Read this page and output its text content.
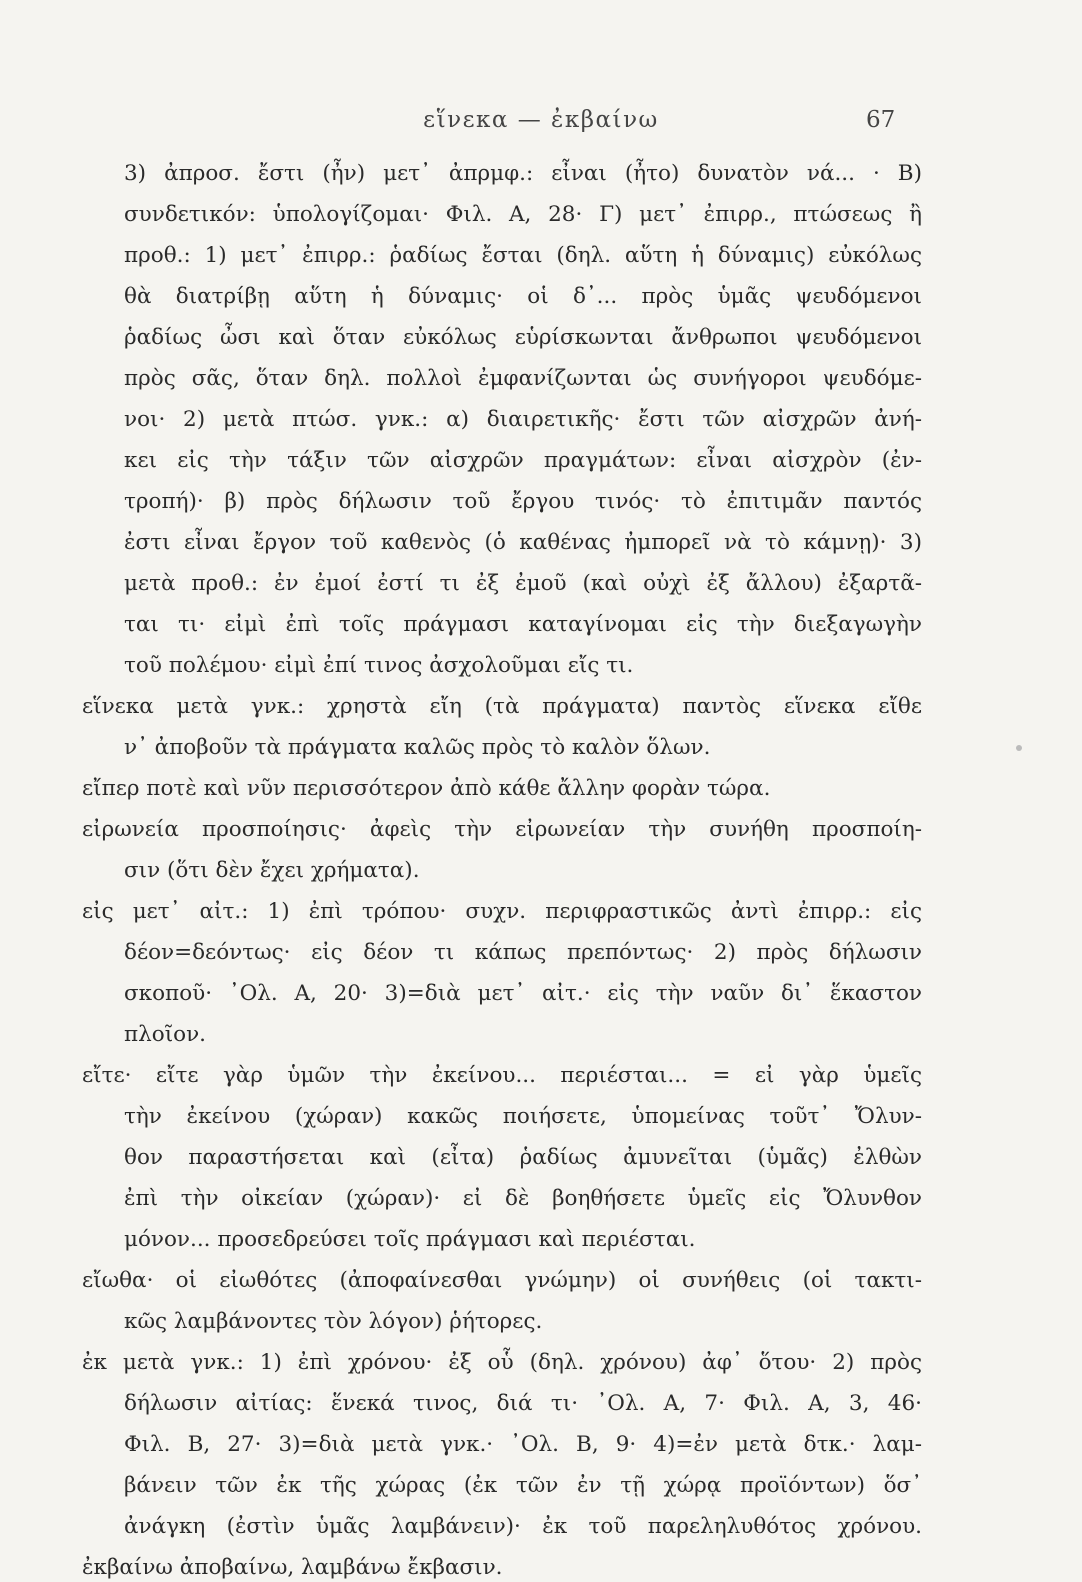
εἵνεκα — ἐκβαίνω	67
3) ἀπροσ. ἔστι (ἦν) μετ᾽ ἀπρμφ.: εἶναι (ἦτο) δυνατὸν νά... · Β)
συνδετικόν: ὑπολογίζομαι· Φιλ. Α, 28· Γ) μετ᾽ ἐπιρρ., πτώσεως ἢ
προθ.: 1) μετ᾽ ἐπιρρ.: ῥαδίως ἔσται (δηλ. αὕτη ἡ δύναμις) εὐκόλως
θὰ διατρίβῃ αὕτη ἡ δύναμις· οἱ δ᾽... πρὸς ὑμᾶς ψευδόμενοι
ῥαδίως ὦσι καὶ ὅταν εὐκόλως εὑρίσκωνται ἄνθρωποι ψευδόμενοι
πρὸς σᾶς, ὅταν δηλ. πολλοὶ ἐμφανίζωνται ὡς συνήγοροι ψευδόμε-
νοι· 2) μετὰ πτώσ. γνκ.: α) διαιρετικῆς· ἔστι τῶν αἰσχρῶν ἀνή-
κει εἰς τὴν τάξιν τῶν αἰσχρῶν πραγμάτων: εἶναι αἰσχρὸν (ἐν-
τροπή)· β) πρὸς δήλωσιν τοῦ ἔργου τινός· τὸ ἐπιτιμᾶν παντός
ἐστι εἶναι ἔργον τοῦ καθενὸς (ὁ καθένας ἠμπορεῖ νὰ τὸ κάμνῃ)· 3)
μετὰ προθ.: ἐν ἐμοί ἐστί τι ἐξ ἐμοῦ (καὶ οὐχὶ ἐξ ἄλλου) ἐξαρτᾶ-
ται τι· εἰμὶ ἐπὶ τοῖς πράγμασι καταγίνομαι εἰς τὴν διεξαγωγὴν
τοῦ πολέμου· εἰμὶ ἐπί τινος ἀσχολοῦμαι εἴς τι.
εἵνεκα μετὰ γνκ.: χρηστὰ εἴη (τὰ πράγματα) παντὸς εἵνεκα εἴθε
ν᾽ ἀποβοῦν τὰ πράγματα καλῶς πρὸς τὸ καλὸν ὅλων.
εἴπερ ποτὲ καὶ νῦν περισσότερον ἀπὸ κάθε ἄλλην φορὰν τώρα.
εἰρωνεία προσποίησις· ἀφεὶς τὴν εἰρωνείαν τὴν συνήθη προσποίη-
σιν (ὅτι δὲν ἔχει χρήματα).
εἰς μετ᾽ αἰτ.: 1) ἐπὶ τρόπου· συχν. περιφραστικῶς ἀντὶ ἐπιρρ.: εἰς
δέον=δεόντως· εἰς δέον τι κάπως πρεπόντως· 2) πρὸς δήλωσιν
σκοποῦ· ᾿Ολ. Α, 20· 3)=διὰ μετ᾽ αἰτ.· εἰς τὴν ναῦν δι᾽ ἕκαστον
πλοῖον.
εἴτε· εἴτε γὰρ ὑμῶν τὴν ἐκείνου... περιέσται... = εἰ γὰρ ὑμεῖς
τὴν ἐκείνου (χώραν) κακῶς ποιήσετε, ὑπομείνας τοῦτ᾽ Ὄλυν-
θον παραστήσεται καὶ (εἶτα) ῥαδίως ἀμυνεῖται (ὑμᾶς) ἐλθὼν
ἐπὶ τὴν οἰκείαν (χώραν)· εἰ δὲ βοηθήσετε ὑμεῖς εἰς Ὄλυνθον
μόνον... προσεδρεύσει τοῖς πράγμασι καὶ περιέσται.
εἴωθα· οἱ εἰωθότες (ἀποφαίνεσθαι γνώμην) οἱ συνήθεις (οἱ τακτι-
κῶς λαμβάνοντες τὸν λόγον) ῥήτορες.
ἐκ μετὰ γνκ.: 1) ἐπὶ χρόνου· ἐξ οὗ (δηλ. χρόνου) ἀφ᾽ ὅτου· 2) πρὸς
δήλωσιν αἰτίας: ἕνεκά τινος, διά τι· ᾿Ολ. Α, 7· Φιλ. Α, 3, 46·
Φιλ. Β, 27· 3)=διὰ μετὰ γνκ.· ᾿Ολ. Β, 9· 4)=ἐν μετὰ δτκ.· λαμ-
βάνειν τῶν ἐκ τῆς χώρας (ἐκ τῶν ἐν τῇ χώρᾳ προϊόντων) ὅσ᾽
ἀνάγκη (ἐστὶν ὑμᾶς λαμβάνειν)· ἐκ τοῦ παρεληλυθότος χρόνου.
ἐκβαίνω ἀποβαίνω, λαμβάνω ἔκβασιν.
